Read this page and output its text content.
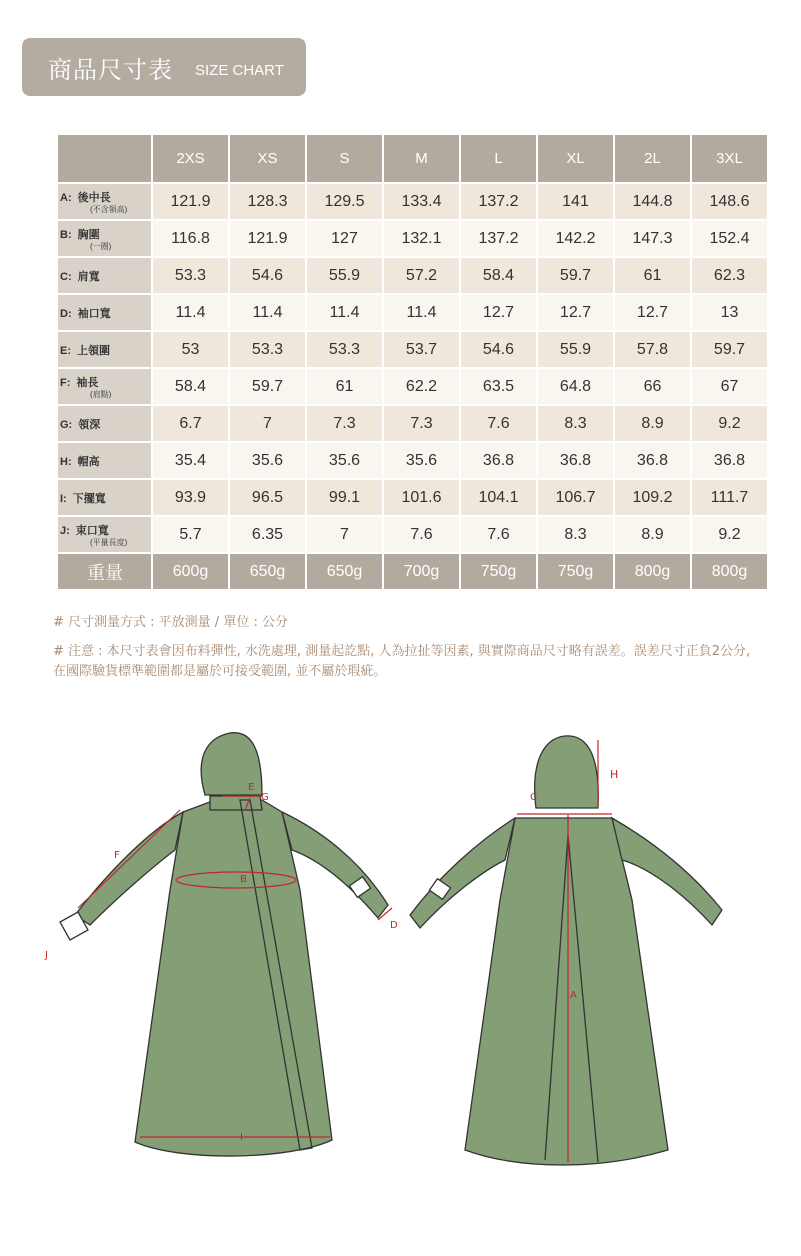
商品尺寸表 SIZE CHART
	2XS	XS	S	M	L	XL	2L	3XL
A: 後中長
(不含領高)	121.9	128.3	129.5	133.4	137.2	141	144.8	148.6
B: 胸圍
(一圈)	116.8	121.9	127	132.1	137.2	142.2	147.3	152.4
C: 肩寬	53.3	54.6	55.9	57.2	58.4	59.7	61	62.3
D: 袖口寬	11.4	11.4	11.4	11.4	12.7	12.7	12.7	13
E: 上領圍	53	53.3	53.3	53.7	54.6	55.9	57.8	59.7
F: 袖長
(肩點)	58.4	59.7	61	62.2	63.5	64.8	66	67
G: 領深	6.7	7	7.3	7.3	7.6	8.3	8.9	9.2
H: 帽高	35.4	35.6	35.6	35.6	36.8	36.8	36.8	36.8
I: 下擺寬	93.9	96.5	99.1	101.6	104.1	106.7	109.2	111.7
J: 束口寬
(平量長度)	5.7	6.35	7	7.6	7.6	8.3	8.9	9.2
重量	600g	650g	650g	700g	750g	750g	800g	800g
# 尺寸測量方式 : 平放測量 / 單位 : 公分
# 注意 : 本尺寸表會因布料彈性, 水洗處理, 測量起訖點, 人為拉扯等因素, 與實際商品尺寸略有誤差。誤差尺寸正負2公分, 在國際驗貨標準範圍都是屬於可接受範圍, 並不屬於瑕疵。
F
B
E
G
D
I
J
C
H
A
